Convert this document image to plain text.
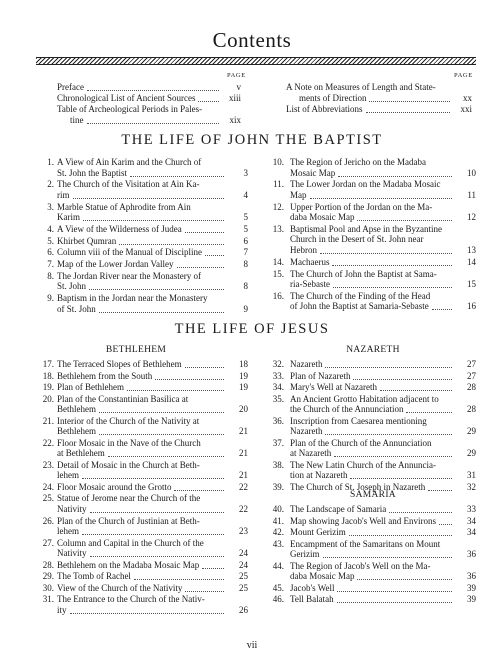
Contents
PAGE	PAGE
Preface	v
Chronological List of Ancient Sources	xiii
Table of Archeological Periods in Pales-
tine	xix
A Note on Measures of Length and State-
ments of Direction	xx
List of Abbreviations	xxi
THE LIFE OF JOHN THE BAPTIST
1. A View of Ain Karim and the Church of
St. John the Baptist	3
2. The Church of the Visitation at Ain Ka-
rim	4
3. Marble Statue of Aphrodite from Ain
Karim	5
4. A View of the Wilderness of Judea	5
5. Khirbet Qumran	6
6. Column viii of the Manual of Discipline	7
7. Map of the Lower Jordan Valley	8
8. The Jordan River near the Monastery of
St. John	8
9. Baptism in the Jordan near the Monastery
of St. John	9
10. The Region of Jericho on the Madaba
Mosaic Map	10
11. The Lower Jordan on the Madaba Mosaic
Map	11
12. Upper Portion of the Jordan on the Ma-
daba Mosaic Map	12
13. Baptismal Pool and Apse in the Byzantine
Church in the Desert of St. John near
Hebron	13
14. Machaerus	14
15. The Church of John the Baptist at Sama-
ria-Sebaste	15
16. The Church of the Finding of the Head
of John the Baptist at Samaria-Sebaste	16
THE LIFE OF JESUS
BETHLEHEM	NAZARETH
SAMARIA
17. The Terraced Slopes of Bethlehem	18
18. Bethlehem from the South	19
19. Plan of Bethlehem	19
20. Plan of the Constantinian Basilica at
Bethlehem	20
21. Interior of the Church of the Nativity at
Bethlehem	21
22. Floor Mosaic in the Nave of the Church
at Bethlehem	21
23. Detail of Mosaic in the Church at Beth-
lehem	21
24. Floor Mosaic around the Grotto	22
25. Statue of Jerome near the Church of the
Nativity	22
26. Plan of the Church of Justinian at Beth-
lehem	23
27. Column and Capital in the Church of the
Nativity	24
28. Bethlehem on the Madaba Mosaic Map	24
29. The Tomb of Rachel	25
30. View of the Church of the Nativity	25
31. The Entrance to the Church of the Nativ-
ity	26
32. Nazareth	27
33. Plan of Nazareth	27
34. Mary's Well at Nazareth	28
35. An Ancient Grotto Habitation adjacent to
the Church of the Annunciation	28
36. Inscription from Caesarea mentioning
Nazareth	29
37. Plan of the Church of the Annunciation
at Nazareth	29
38. The New Latin Church of the Annuncia-
tion at Nazareth	31
39. The Church of St. Joseph in Nazareth	32
40. The Landscape of Samaria	33
41. Map showing Jacob's Well and Environs	34
42. Mount Gerizim	34
43. Encampment of the Samaritans on Mount
Gerizim	36
44. The Region of Jacob's Well on the Ma-
daba Mosaic Map	36
45. Jacob's Well	39
46. Tell Balatah	39
vii
